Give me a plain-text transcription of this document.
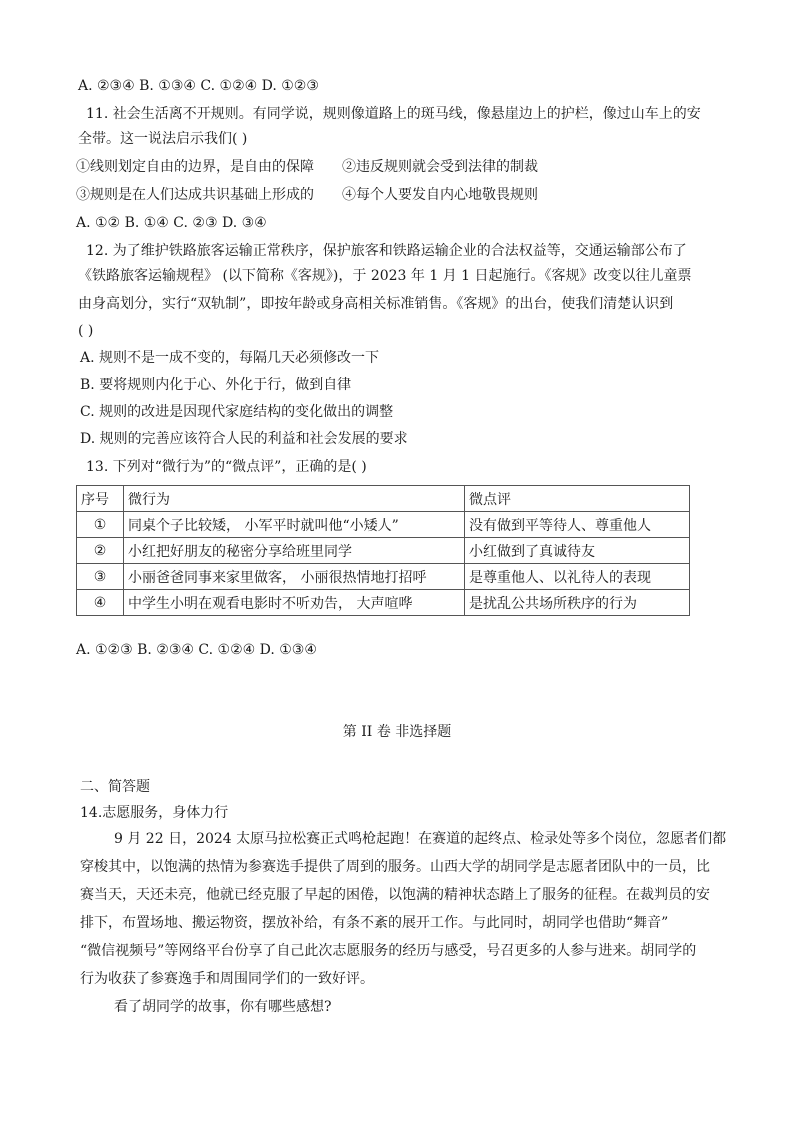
A. ②③④ B. ①③④ C. ①②④ D. ①②③
11. 社会生活离不开规则。有同学说，规则像道路上的斑马线，像悬崖边上的护栏，像过山车上的安
全带。这一说法启示我们( )
①线则划定自由的边界，是自由的保障 ②违反规则就会受到法律的制裁
③规则是在人们达成共识基础上形成的 ④每个人要发自内心地敬畏规则
A. ①② B. ①④ C. ②③ D. ③④
12. 为了维护铁路旅客运输正常秩序，保护旅客和铁路运输企业的合法权益等，交通运输部公布了
《铁路旅客运输规程》 (以下简称《客规》)，于 2023 年 1 月 1 日起施行。《客规》改变以往儿童票
由身高划分，实行“双轨制”，即按年龄或身高相关标准销售。《客规》的出台，使我们清楚认识到
( )
A. 规则不是一成不变的，每隔几天必须修改一下
B. 要将规则内化于心、外化于行，做到自律
C. 规则的改进是因现代家庭结构的变化做出的调整
D. 规则的完善应该符合人民的利益和社会发展的要求
13. 下列对“微行为”的“微点评”，正确的是( )
序号	微行为	微点评
①	同桌个子比较矮， 小军平时就叫他“小矮人”	没有做到平等待人、尊重他人
②	小红把好朋友的秘密分享给班里同学	小红做到了真诚待友
③	小丽爸爸同事来家里做客， 小丽很热情地打招呼	是尊重他人、以礼待人的表现
④	中学生小明在观看电影时不听劝告， 大声喧哗	是扰乱公共场所秩序的行为
A. ①②③ B. ②③④ C. ①②④ D. ①③④
第 II 卷 非选择题
二、简答题
14.志愿服务，身体力行
9 月 22 日，2024 太原马拉松赛正式鸣枪起跑！在赛道的起终点、检录处等多个岗位，忽愿者们都
穿梭其中，以饱满的热情为参赛选手提供了周到的服务。山西大学的胡同学是志愿者团队中的一员，比
赛当天，天还未亮，他就已经克服了早起的困倦，以饱满的精神状态踏上了服务的征程。在裁判员的安
排下，布置场地、搬运物资，摆放补给，有条不紊的展开工作。与此同时，胡同学也借助“舞音”
“微信视频号”等网络平台份享了自己此次志愿服务的经历与感受，号召更多的人参与进来。胡同学的
行为收获了参赛逸手和周围同学们的一致好评。
看了胡同学的故事，你有哪些感想?
